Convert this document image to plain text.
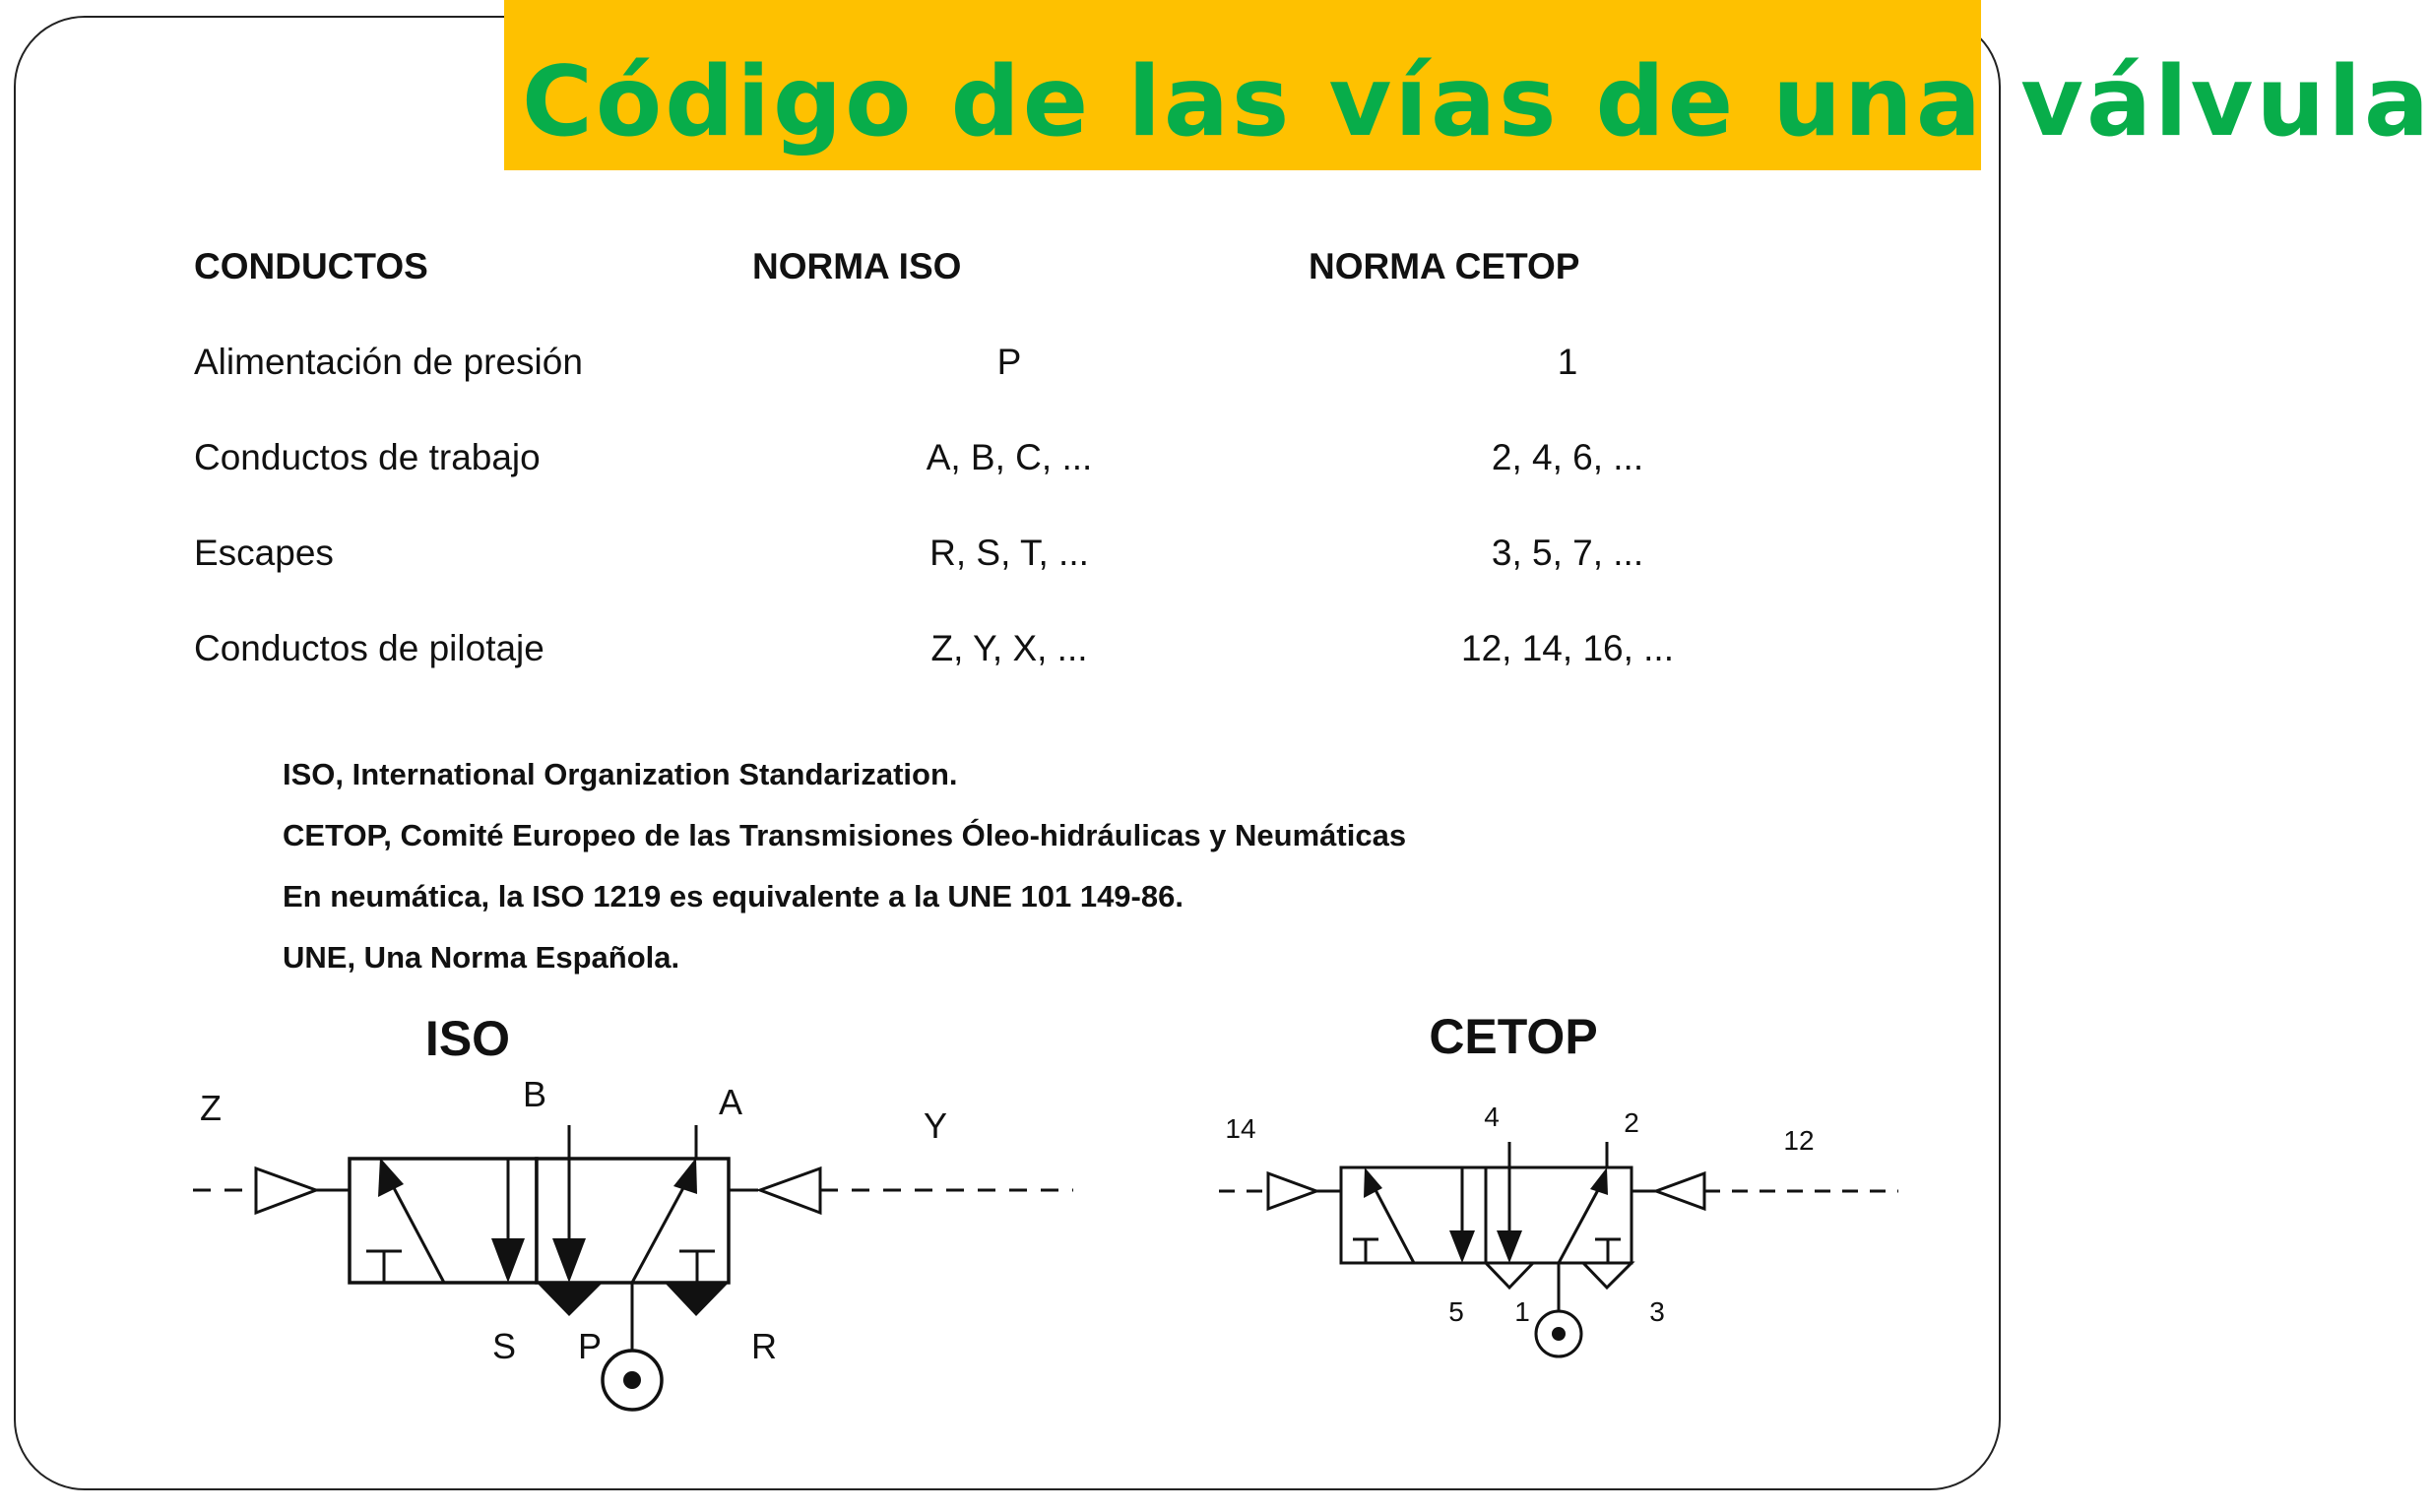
Código de las vías de una válvula
CONDUCTOS	NORMA ISO	NORMA CETOP
Alimentación de presión	P	1
Conductos de trabajo	A, B, C, ...	2, 4, 6, ...
Escapes	R, S, T, ...	3, 5, 7, ...
Conductos de pilotaje	Z, Y, X, ...	12, 14, 16, ...
ISO, International Organization Standarization.
CETOP, Comité Europeo de las Transmisiones Óleo-hidráulicas y Neumáticas
En neumática, la ISO 1219 es equivalente a la UNE 101 149-86.
UNE, Una Norma Española.
ISO
Z	B	A
Y
S P	R
CETOP
14	4	2
12
5 1	3
